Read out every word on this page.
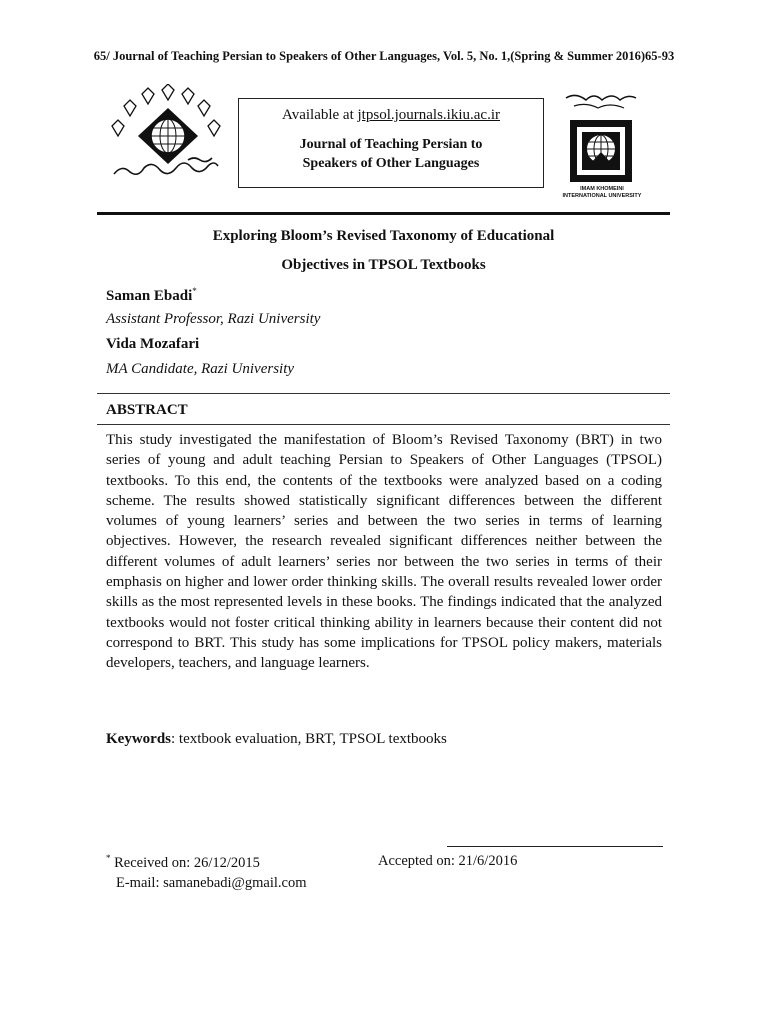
65/ Journal of Teaching Persian to Speakers of Other Languages, Vol. 5, No. 1,(Spring & Summer 2016)65-93
Available at jtpsol.journals.ikiu.ac.ir
Journal of Teaching Persian to
Speakers of Other Languages
IMAM KHOMEINI
INTERNATIONAL UNIVERSITY
Exploring Bloom’s Revised Taxonomy of Educational
Objectives in TPSOL Textbooks
Saman Ebadi*
Assistant Professor, Razi University
Vida Mozafari
MA Candidate, Razi University
ABSTRACT
This study investigated the manifestation of Bloom’s Revised Taxonomy (BRT) in two series of young and adult teaching Persian to Speakers of Other Languages (TPSOL) textbooks. To this end, the contents of the textbooks were analyzed based on a coding scheme. The results showed statistically significant differences between the different volumes of young learners’ series and between the two series in terms of learning objectives. However, the research revealed significant differences neither between the different volumes of adult learners’ series nor between the two series in terms of their emphasis on higher and lower order thinking skills. The overall results revealed lower order skills as the most represented levels in these books. The findings indicated that the analyzed textbooks would not foster critical thinking ability in learners because their content did not correspond to BRT. This study has some implications for TPSOL policy makers, materials developers, teachers, and language learners.
Keywords: textbook evaluation, BRT, TPSOL textbooks
* Received on: 26/12/2015	Accepted on: 21/6/2016
E-mail: samanebadi@gmail.com
